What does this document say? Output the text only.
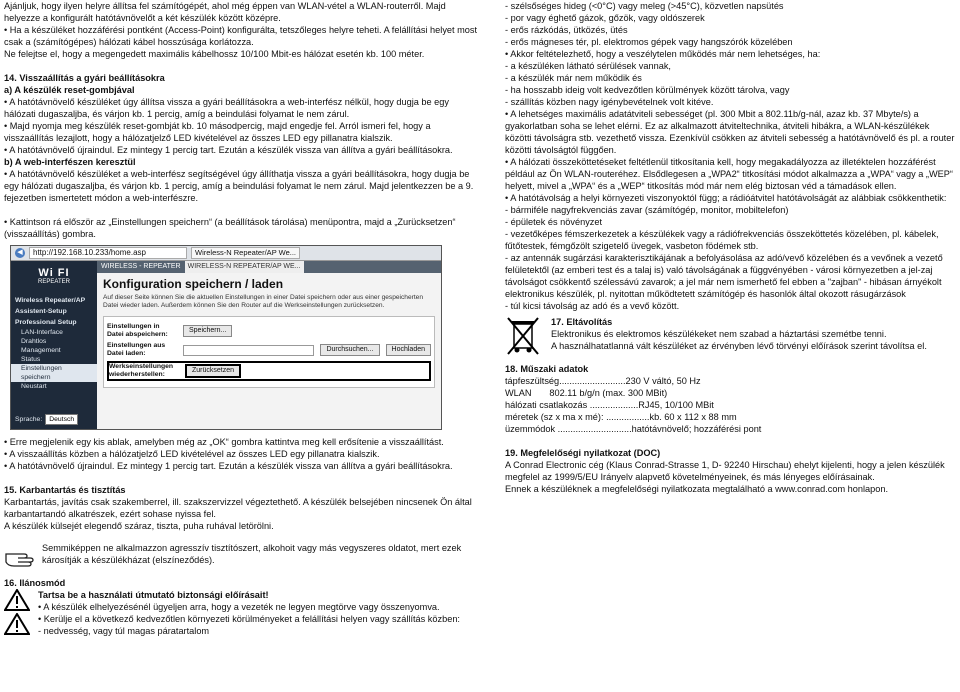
Ajánljuk, hogy ilyen helyre állítsa fel számítógépét, ahol még éppen van WLAN-vétel a WLAN-routerről. Majd helyezze a konfigurált hatótávnövelőt a két készülék között középre.

• Ha a készüléket hozzáférési pontként (Access-Point) konfigurálta, tetszőleges helyre teheti. A felállítási helyet most csak a (számítógépes) hálózati kábel hosszúsága korlátozza.

Ne felejtse el, hogy a megengedett maximális kábelhossz 10/100 Mbit-es hálózat esetén kb. 100 méter.

14. Visszaállítás a gyári beállításokra

a) A készülék reset-gombjával

• A hatótávnövelő készüléket úgy állítsa vissza a gyári beállításokra a web-interfész nélkül, hogy dugja be egy hálózati dugaszaljba, és várjon kb. 1 percig, amíg a beindulási folyamat le nem zárul.

• Majd nyomja meg készülék reset-gombját kb. 10 másodpercig, majd engedje fel. Arról ismeri fel, hogy a visszaállítás lezajlott, hogy a hálózatjelző LED kivételével az összes LED egy pillanatra kialszik.

• A hatótávnövelő újraindul. Ez mintegy 1 percig tart. Ezután a készülék vissza van állítva a gyári beállításokra.

b) A web-interfészen keresztül

• A hatótávnövelő készüléket a web-interfész segítségével úgy állíthatja vissza a gyári beállításokra, hogy dugja be egy hálózati dugaszaljba, és várjon kb. 1 percig, amíg a beindulási folyamat le nem zárul. Majd jelentkezzen be a 9. fejezetben ismertetett módon a web-interfészre.

• Kattintson rá először az „Einstellungen speichern“ (a beállítások tárolása) menüpontra, majd a „Zurücksetzen“ (visszaállítás) gombra.

◀	http://192.168.10.233/home.asp	Wireless-N Repeater/AP We...
Wi FI
REPEATER
Wireless Repeater/AP
Assistent-Setup
Professional Setup
LAN-Interface
Drahtlos
Management
Status
Einstellungen speichern
Neustart
Sprache:	Deutsch
WIRELESS - REPEATER	WIRELESS-N REPEATER/AP WE...
Konfiguration speichern / laden
Auf dieser Seite können Sie die aktuellen Einstellungen in einer Datei speichern oder aus einer gespeicherten Datei wieder laden. Außerdem können Sie den Router auf die Werkseinstellungen zurücksetzen.
Einstellungen in Datei abspeichern:
Speichern...
Einstellungen aus Datei laden:
Durchsuchen...	Hochladen
Werkseinstellungen wiederherstellen:
Zurücksetzen

• Erre megjelenik egy kis ablak, amelyben még az „OK“ gombra kattintva meg kell erősítenie a visszaállítást.

• A visszaállítás közben a hálózatjelző LED kivételével az összes LED egy pillanatra kialszik.

• A hatótávnövelő újraindul. Ez mintegy 1 percig tart. Ezután a készülék vissza van állítva a gyári beállításokra.

15. Karbantartás és tisztítás

Karbantartás, javítás csak szakemberrel, ill. szakszervizzel végeztethető. A készülék belsejében nincsenek Ön által karbantartandó alkatrészek, ezért sohase nyissa fel.

A készülék külsejét elegendő száraz, tiszta, puha ruhával letörölni.

Semmiképpen ne alkalmazzon agresszív tisztítószert, alkohoit vagy más vegyszeres oldatot, mert ezek károsítják a készülékházat (elszíneződés).

16. Ilánosmód

Tartsa be a használati útmutató biztonsági előírásait!

• A készülék elhelyezésénél ügyeljen arra, hogy a vezeték ne legyen megtörve vagy összenyomva.

• Kerülje el a következő kedvezőtlen környezeti körülményeket a felállítási helyen vagy szállítás közben:

- nedvesség, vagy túl magas páratartalom

- szélsőséges hideg (<0°C) vagy meleg (>45°C), közvetlen napsütés

- por vagy éghető gázok, gőzök, vagy oldószerek

- erős rázkódás, ütközés, ütés

- erős mágneses tér, pl. elektromos gépek vagy hangszórók közelében

• Akkor feltételezhető, hogy a veszélytelen működés már nem lehetséges, ha:

- a készüléken látható sérülések vannak,

- a készülék már nem működik és

- ha hosszabb ideig volt kedvezőtlen körülmények között tárolva, vagy

- szállítás közben nagy igénybevételnek volt kitéve.

• A lehetséges maximális adatátviteli sebességet (pl. 300 Mbit a 802.11b/g-nál, azaz kb. 37 Mbyte/s) a gyakorlatban soha se lehet elérni. Ez az alkalmazott átviteltechnika, átviteli hibákra, a WLAN-készülékek közötti távolságra stb. vezethető vissza. Ezenkívül csökken az átviteli sebesség a hatótávnövelő és pl. a router közötti távolságtól függően.

• A hálózati összeköttetéseket feltétlenül titkosítania kell, hogy megakadályozza az illetéktelen hozzáférést például az Ön WLAN-routeréhez. Elsődlegesen a „WPA2“ titkosítási módot alkalmazza a „WPA“ vagy a „WEP“ helyett, mivel a „WPA“ és a „WEP“ titkosítás mód már nem elég biztosan véd a támadások ellen.

• A hatótávolság a helyi környezeti viszonyoktól függ; a rádióátvitel hatótávolságát az alábbiak csökkenthetik:

- bármiféle nagyfrekvenciás zavar (számítógép, monitor, mobiltelefon)

- épületek és növényzet

- vezetőképes fémszerkezetek a készülékek vagy a rádiófrekvenciás összeköttetés közelében, pl. kábelek, fűtőtestek, fémgőzölt szigetelő üvegek, vasbeton födémek stb.

- az antennák sugárzási karakterisztikájának a befolyásolása az adó/vevő közelében és a vevőnek a vezető felületektől (az emberi test és a talaj is) való távolságának a függvényében - városi környezetben a jel-zaj távolságot csökkentő szélessávú zavarok; a jel már nem ismerhető fel ebben a "zajban" - hibásan árnyékolt elektronikus készülék, pl. nyitottan működtetett számítógép és hasonlók által okozott rásugárzások

- túl kicsi távolság az adó és a vevő között.

17. Eltávolítás

Elektronikus és elektromos készülékeket nem szabad a háztartási szemétbe tenni.

A használhatatlanná vált készüléket az érvényben lévő törvényi előírások szerint távolítsa el.

18. Műszaki adatok

tápfeszültség..........................230 V váltó, 50 Hz

WLAN       802.11 b/g/n (max. 300 MBit)

hálózati csatlakozás ...................RJ45, 10/100 MBit

méretek (sz x ma x mé): .................kb. 60 x 112 x 88 mm

üzemmódok .............................hatótávnövelő; hozzáférési pont

19. Megfelelőségi nyilatkozat (DOC)

A Conrad Electronic cég (Klaus Conrad-Strasse 1, D- 92240 Hirschau) ehelyt kijelenti, hogy a jelen készülék megfelel az 1999/5/EU Irányelv alapvető követelményeinek, és más lényeges előírásainak.

Ennek a készüléknek a megfelelőségi nyilatkozata megtalálható a www.conrad.com honlapon.
